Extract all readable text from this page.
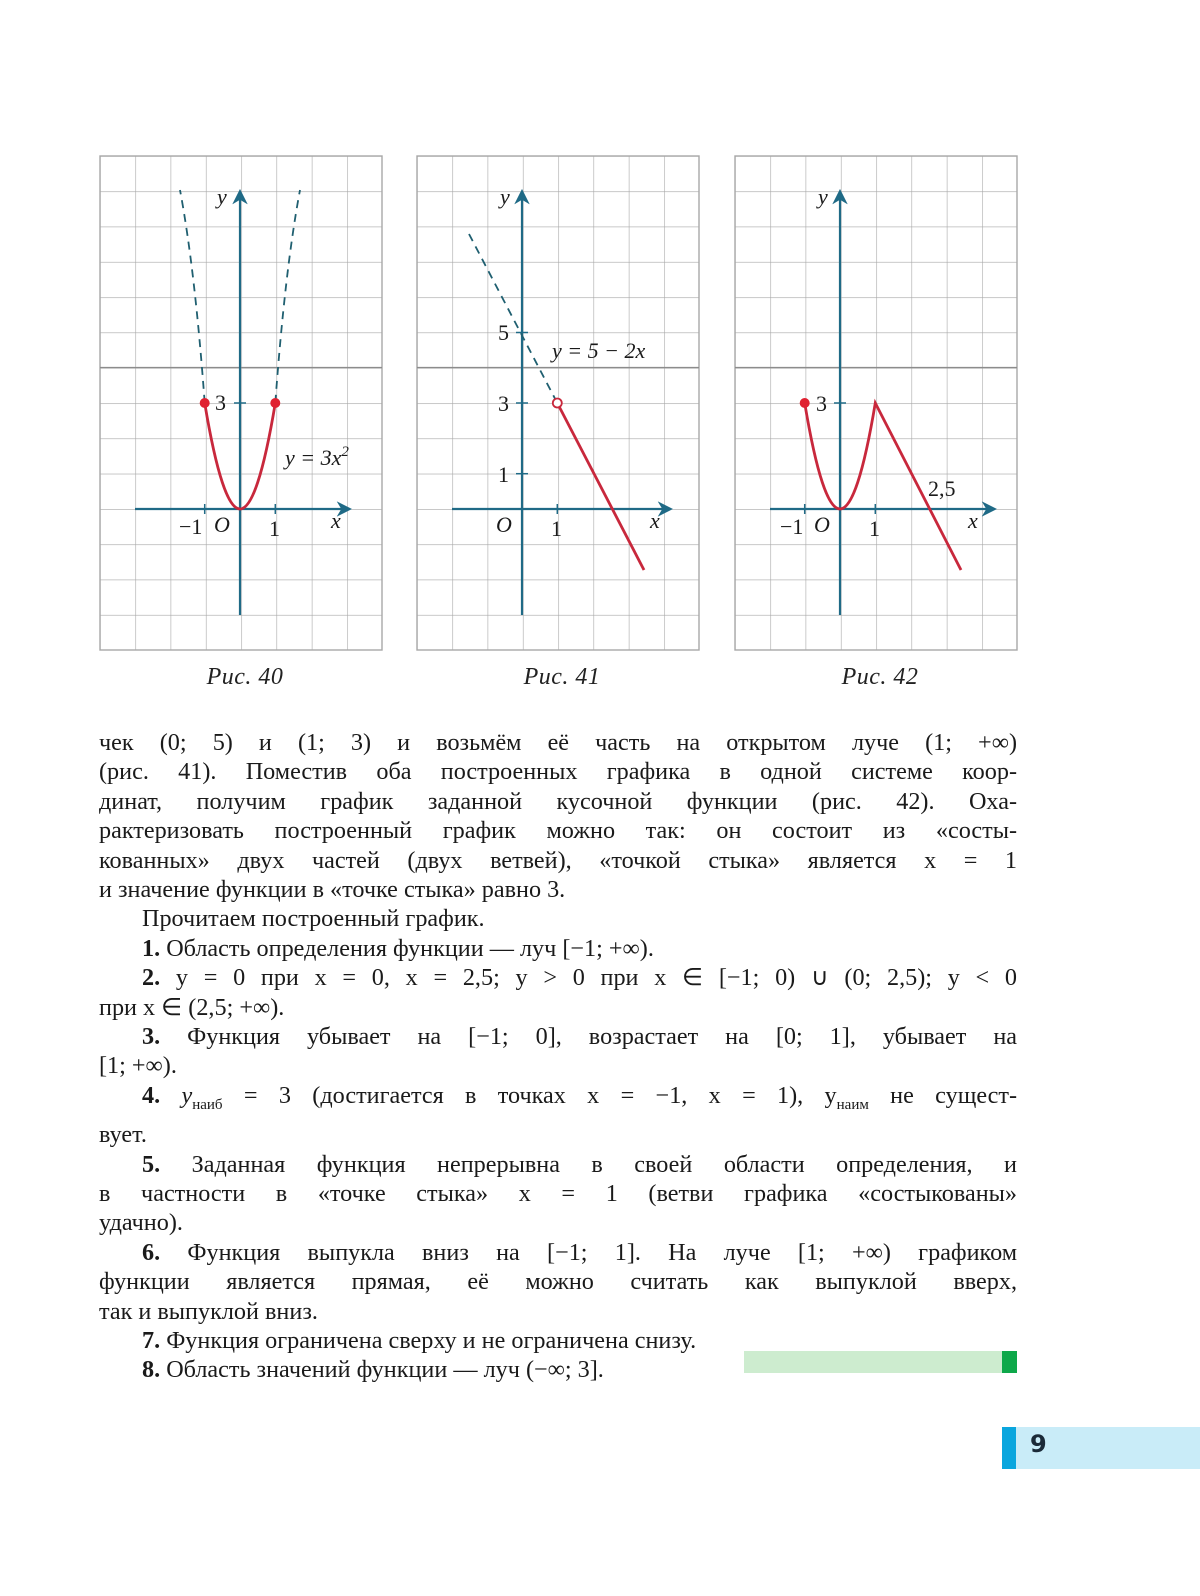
y
x
3
−1 O 1
$y = 3x^2$
Рис. 40
y
x
5
3
1
O 1
y = 5 − 2x
Рис. 41
y
x
3
−1 O 1
2,5
Рис. 42

чек (0; 5) и (1; 3) и возьмём её часть на открытом луче (1; +∞)

(рис. 41). Поместив оба построенных графика в одной системе коор-

динат, получим график заданной кусочной функции (рис. 42). Оха-

рактеризовать построенный график можно так: он состоит из «состы-

кованных» двух частей (двух ветвей), «точкой стыка» является x = 1

и значение функции в «точке стыка» равно 3.

Прочитаем построенный график.

1. Область определения функции — луч [−1; +∞).

2. y = 0 при x = 0, x = 2,5; y > 0 при x ∈ [−1; 0) ∪ (0; 2,5); y < 0

при x ∈ (2,5; +∞).

3. Функция убывает на [−1; 0], возрастает на [0; 1], убывает на

[1; +∞).

4. $y_{наиб} = 3$ (достигается в точках x = −1, x = 1), $y_{наим}$ не сущест-

вует.

5. Заданная функция непрерывна в своей области определения, и

в частности в «точке стыка» x = 1 (ветви графика «состыкованы»

удачно).

6. Функция выпукла вниз на [−1; 1]. На луче [1; +∞) графиком

функции является прямая, её можно считать как выпуклой вверх,

так и выпуклой вниз.

7. Функция ограничена сверху и не ограничена снизу.

8. Область значений функции — луч (−∞; 3].

9
